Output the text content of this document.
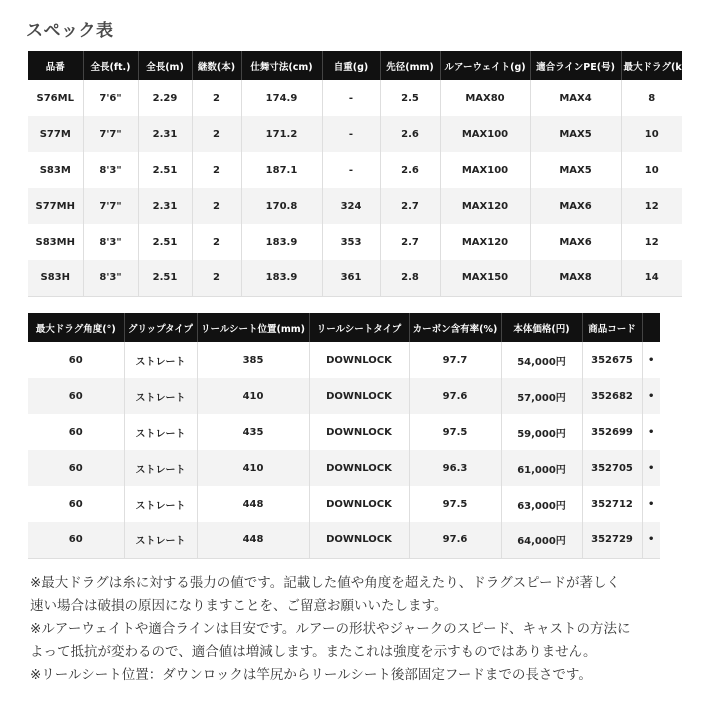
スペック表
品番	全長(ft.)	全長(m)	継数(本)	仕舞寸法(cm)	自重(g)	先径(mm)	ルアーウェイト(g)	適合ラインPE(号)	最大ドラグ(kg)
S76ML	7'6"	2.29	2	174.9	-	2.5	MAX80	MAX4	8
S77M	7'7"	2.31	2	171.2	-	2.6	MAX100	MAX5	10
S83M	8'3"	2.51	2	187.1	-	2.6	MAX100	MAX5	10
S77MH	7'7"	2.31	2	170.8	324	2.7	MAX120	MAX6	12
S83MH	8'3"	2.51	2	183.9	353	2.7	MAX120	MAX6	12
S83H	8'3"	2.51	2	183.9	361	2.8	MAX150	MAX8	14
最大ドラグ角度(°)	グリップタイプ	リールシート位置(mm)	リールシートタイプ	カーボン含有率(%)	本体価格(円)	商品コード	
60	ストレート	385	DOWNLOCK	97.7	54,000円	352675	•
60	ストレート	410	DOWNLOCK	97.6	57,000円	352682	•
60	ストレート	435	DOWNLOCK	97.5	59,000円	352699	•
60	ストレート	410	DOWNLOCK	96.3	61,000円	352705	•
60	ストレート	448	DOWNLOCK	97.5	63,000円	352712	•
60	ストレート	448	DOWNLOCK	97.6	64,000円	352729	•

※最大ドラグは糸に対する張力の値です。記載した値や角度を超えたり、ドラグスピードが著しく

速い場合は破損の原因になりますことを、ご留意お願いいたします。

※ルアーウェイトや適合ラインは目安です。ルアーの形状やジャークのスピード、キャストの方法に

よって抵抗が変わるので、適合値は増減します。またこれは強度を示すものではありません。

※リールシート位置：ダウンロックは竿尻からリールシート後部固定フードまでの長さです。
